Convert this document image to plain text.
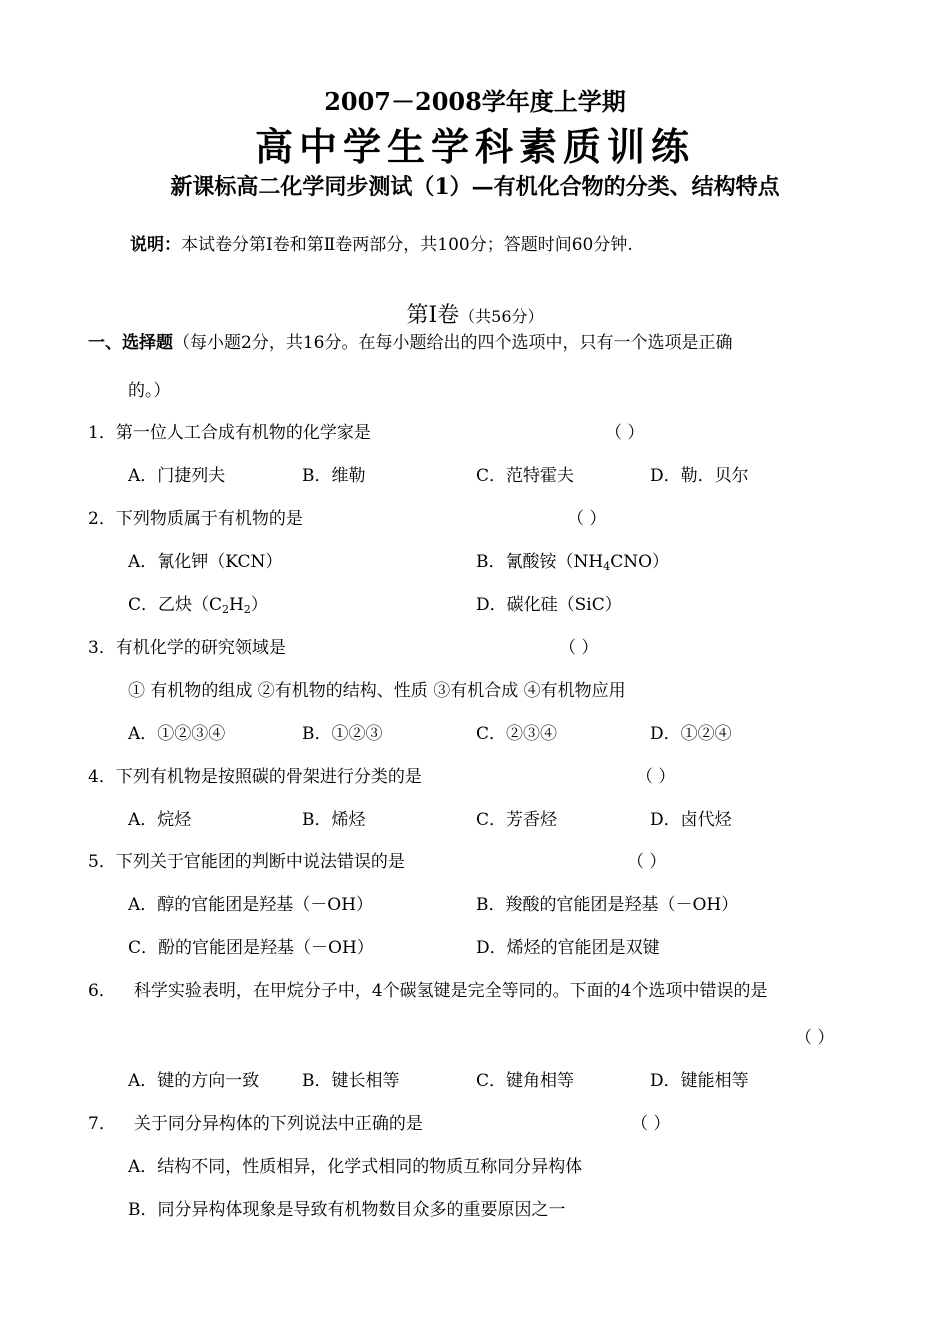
2007－2008学年度上学期
高中学生学科素质训练
新课标高二化学同步测试（1）—有机化合物的分类、结构特点
说明：本试卷分第Ⅰ卷和第Ⅱ卷两部分，共100分；答题时间60分钟.
第Ⅰ卷（共56分）
一、选择题（每小题2分，共16分。在每小题给出的四个选项中，只有一个选项是正确
的。）
1．第一位人工合成有机物的化学家是	（ ）
A．门捷列夫	B．维勒	C．范特霍夫	D．勒．贝尔
2．下列物质属于有机物的是	（ ）
A．氰化钾（KCN）	B．氰酸铵$(NH_4CNO)$
C．乙炔$(C_2H_2)$	D．碳化硅（SiC）
3．有机化学的研究领域是	（ ）
① 有机物的组成 ②有机物的结构、性质 ③有机合成 ④有机物应用
A．①②③④	B．①②③	C．②③④	D．①②④
4．下列有机物是按照碳的骨架进行分类的是	（ ）
A．烷烃	B．烯烃	C．芳香烃	D．卤代烃
5．下列关于官能团的判断中说法错误的是	（ ）
A．醇的官能团是羟基（－OH）	B．羧酸的官能团是羟基（－OH）
C．酚的官能团是羟基（－OH）	D．烯烃的官能团是双键
6． 科学实验表明，在甲烷分子中，4个碳氢键是完全等同的。下面的4个选项中错误的是
（ ）
A．键的方向一致	B．键长相等	C．键角相等	D．键能相等
7． 关于同分异构体的下列说法中正确的是	（ ）
A．结构不同，性质相异，化学式相同的物质互称同分异构体
B．同分异构体现象是导致有机物数目众多的重要原因之一
